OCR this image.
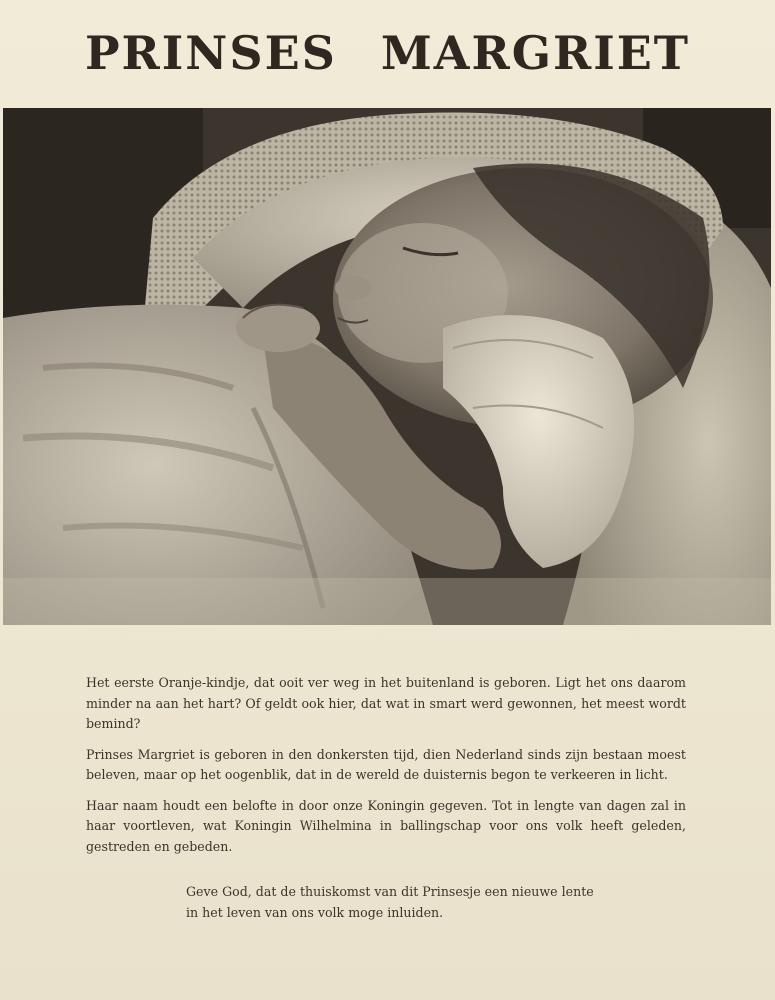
PRINSES MARGRIET

Het eerste Oranje-kindje, dat ooit ver weg in het buitenland is geboren. Ligt het ons daarom minder na aan het hart? Of geldt ook hier, dat wat in smart werd gewonnen, het meest wordt bemind?

Prinses Margriet is geboren in den donkersten tijd, dien Nederland sinds zijn bestaan moest beleven, maar op het oogenblik, dat in de wereld de duisternis begon te verkeeren in licht.

Haar naam houdt een belofte in door onze Koningin gegeven. Tot in lengte van dagen zal in haar voortleven, wat Koningin Wilhelmina in ballingschap voor ons volk heeft geleden, gestreden en gebeden.

Geve God, dat de thuiskomst van dit Prinsesje een nieuwe lente in het leven van ons volk moge inluiden.
